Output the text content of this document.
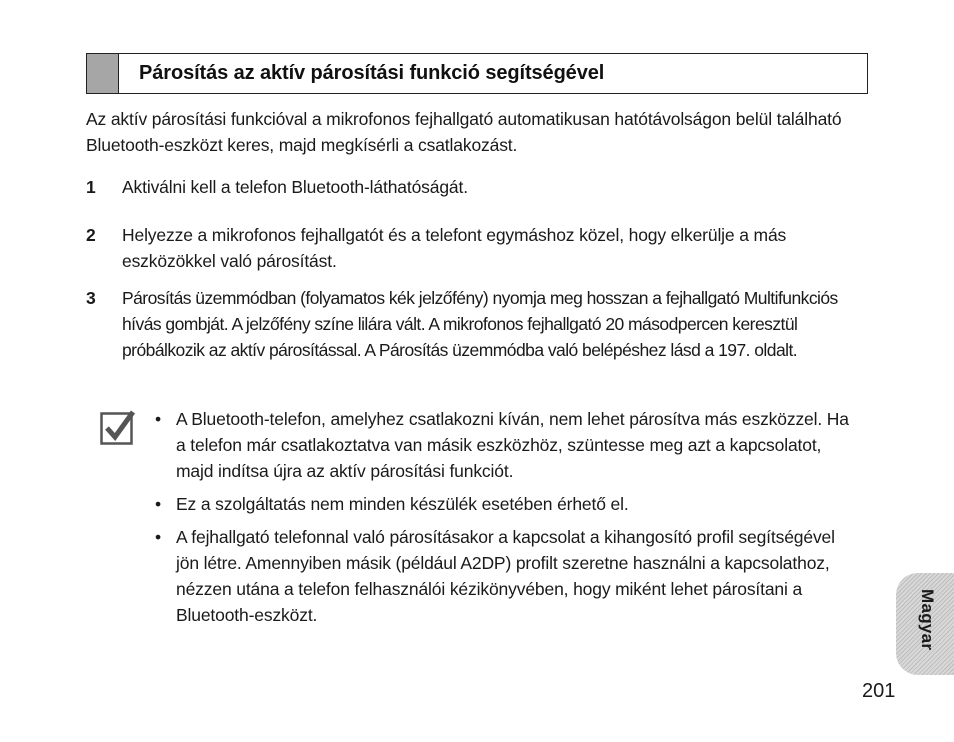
Párosítás az aktív párosítási funkció segítségével

Az aktív párosítási funkcióval a mikrofonos fejhallgató automatikusan hatótávolságon belül található Bluetooth-eszközt keres, majd megkísérli a csatlakozást.

1	Aktiválni kell a telefon Bluetooth-láthatóságát.
2	Helyezze a mikrofonos fejhallgatót és a telefont egymáshoz közel, hogy elkerülje a más eszközökkel való párosítást.
3	Párosítás üzemmódban (folyamatos kék jelzőfény) nyomja meg hosszan a fejhallgató Multifunkciós hívás gombját. A jelzőfény színe lilára vált. A mikrofonos fejhallgató 20 másodpercen keresztül próbálkozik az aktív párosítással. A Párosítás üzemmódba való belépéshez lásd a 197. oldalt.
• A Bluetooth-telefon, amelyhez csatlakozni kíván, nem lehet párosítva más eszközzel. Ha a telefon már csatlakoztatva van másik eszközhöz, szüntesse meg azt a kapcsolatot, majd indítsa újra az aktív párosítási funkciót.
• Ez a szolgáltatás nem minden készülék esetében érhető el.
• A fejhallgató telefonnal való párosításakor a kapcsolat a kihangosító profil segítségével jön létre. Amennyiben másik (például A2DP) profilt szeretne használni a kapcsolathoz, nézzen utána a telefon felhasználói kézikönyvében, hogy miként lehet párosítani a Bluetooth-eszközt.	Magyar
201
